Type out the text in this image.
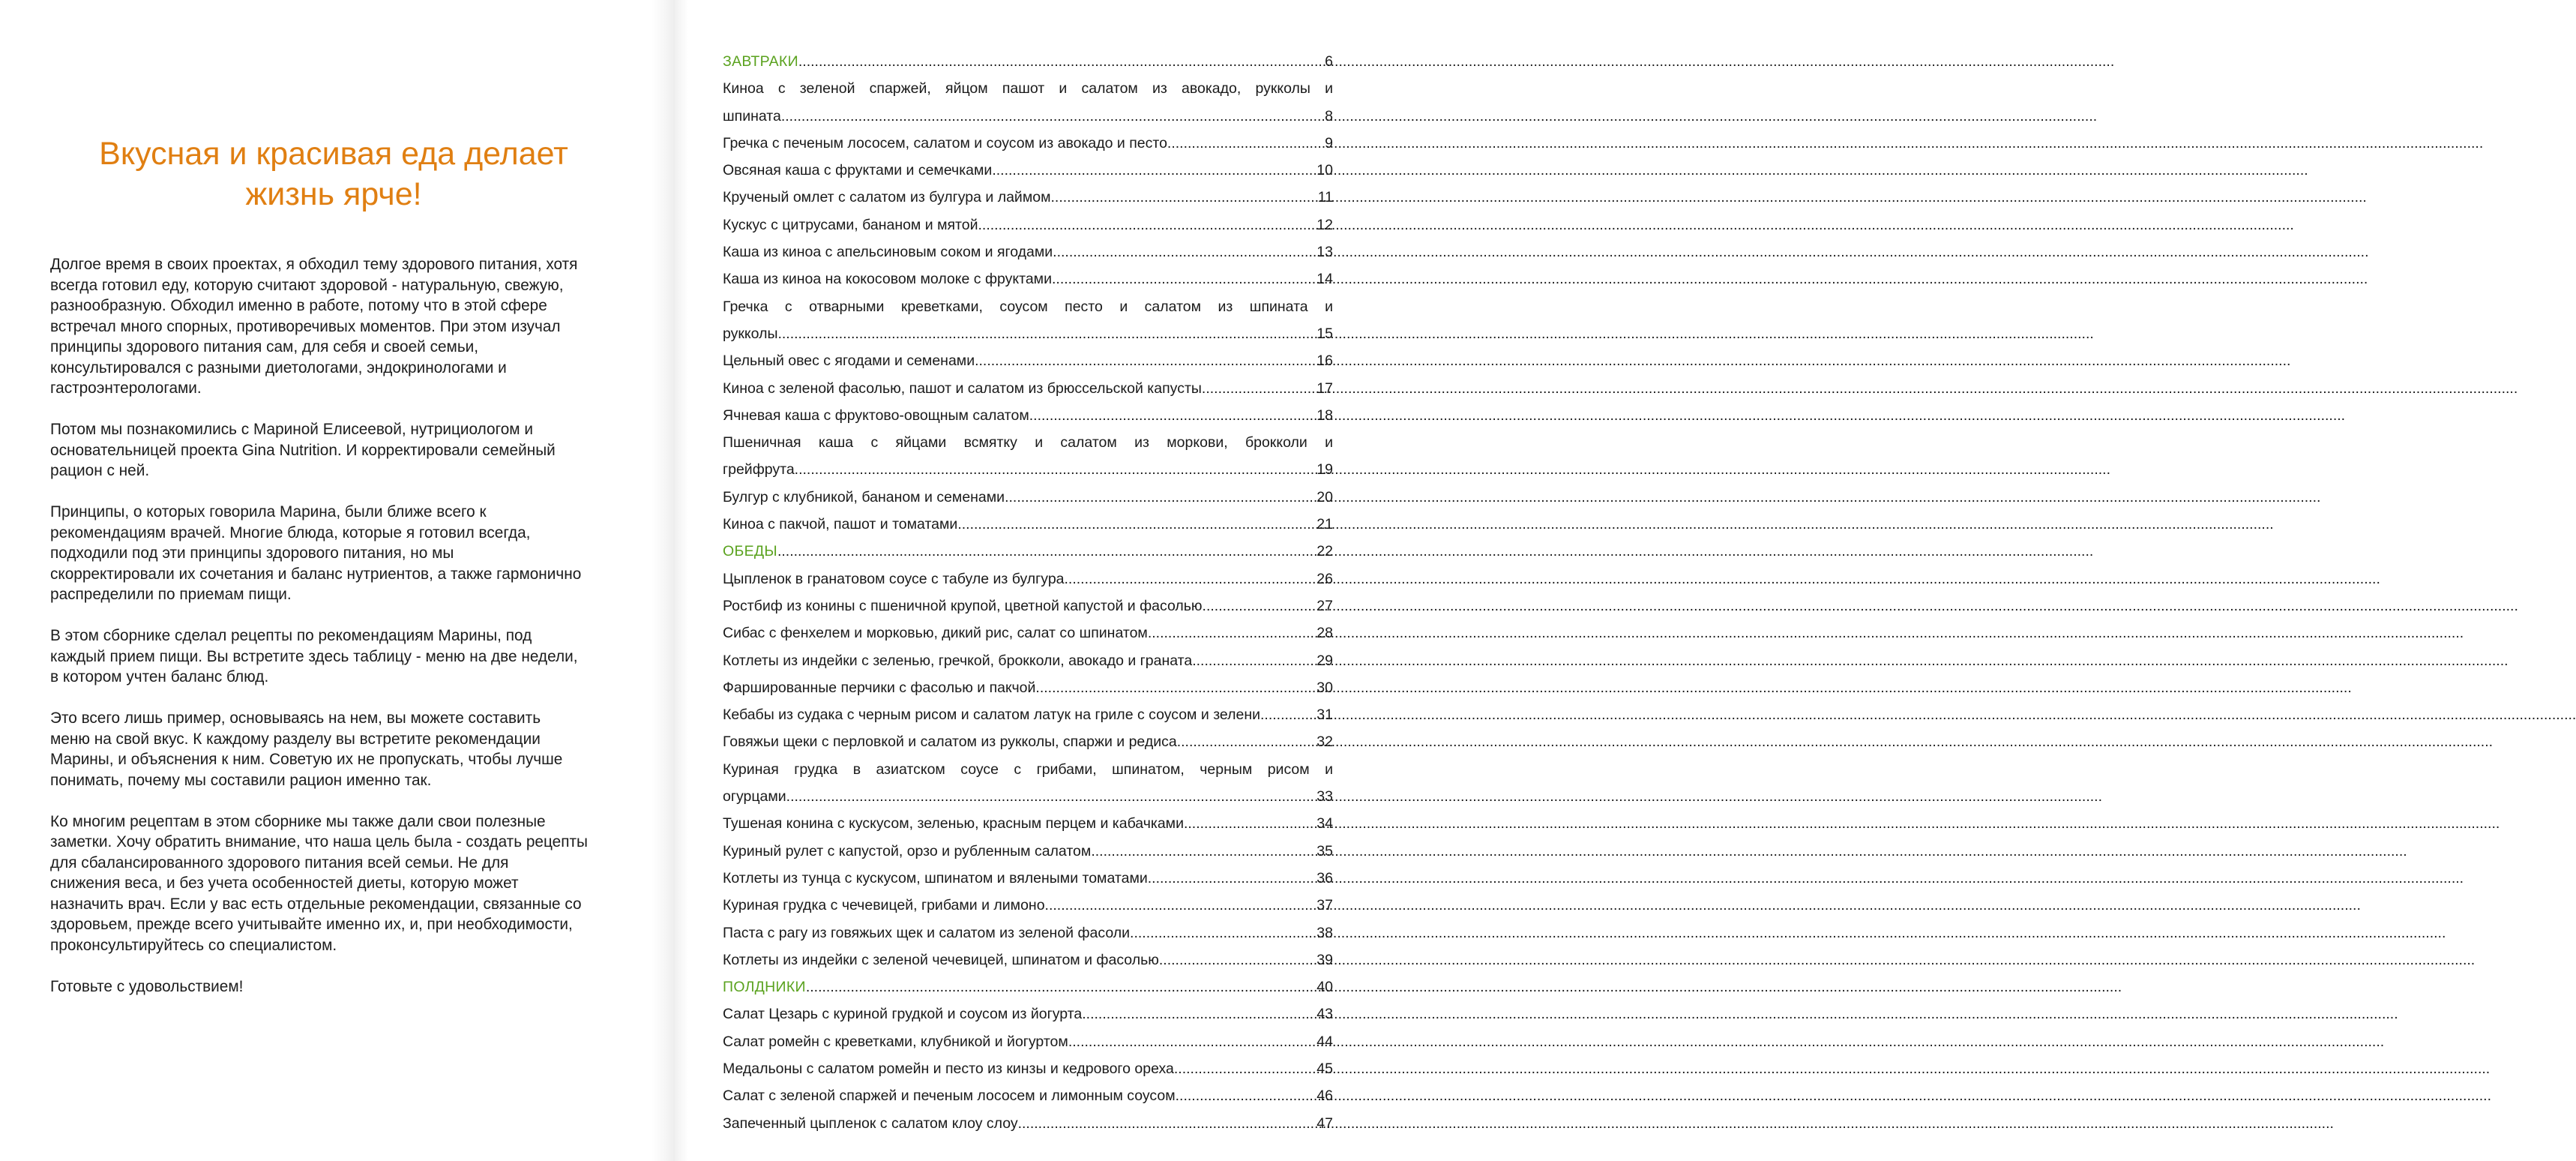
Вкусная и красивая еда делает
жизнь ярче!

Долгое время в своих проектах, я обходил тему здорового питания, хотя
всегда готовил еду, которую считают здоровой - натуральную, свежую,
разнообразную. Обходил именно в работе, потому что в этой сфере
встречал много спорных, противоречивых моментов. При этом изучал
принципы здорового питания сам, для себя и своей семьи,
консультировался с разными диетологами, эндокринологами и
гастроэнтерологами.

Потом мы познакомились с Мариной Елисеевой, нутрициологом и
основательницей проекта Gina Nutrition. И корректировали семейный
рацион с ней.

Принципы, о которых говорила Марина, были ближе всего к
рекомендациям врачей. Многие блюда, которые я готовил всегда,
подходили под эти принципы здорового питания, но мы
скорректировали их сочетания и баланс нутриентов, а также гармонично
распределили по приемам пищи.

В этом сборнике сделал рецепты по рекомендациям Марины, под
каждый прием пищи. Вы встретите здесь таблицу - меню на две недели,
в котором учтен баланс блюд.

Это всего лишь пример, основываясь на нем, вы можете составить
меню на свой вкус. К каждому разделу вы встретите рекомендации
Марины, и объяснения к ним. Советую их не пропускать, чтобы лучше
понимать, почему мы составили рацион именно так.

Ко многим рецептам в этом сборнике мы также дали свои полезные
заметки. Хочу обратить внимание, что наша цель была - создать рецепты
для сбалансированного здорового питания всей семьи. Не для
снижения веса, и без учета особенностей диеты, которую может
назначить врач. Если у вас есть отдельные рекомендации, связанные со
здоровьем, прежде всего учитывайте именно их, и, при необходимости,
проконсультируйтесь со специалистом.

Готовьте с удовольствием!

ЗАВТРАКИ .....	6
Киноа с зеленой спаржей, яйцом пашот и салатом из авокадо, рукколы и
шпината .....	8
Гречка с печеным лососем, салатом и соусом из авокадо и песто .....	9
Овсяная каша с фруктами и семечками .....	10
Крученый омлет с салатом из булгура и лаймом .....	11
Кускус с цитрусами, бананом и мятой .....	12
Каша из киноа с апельсиновым соком и ягодами .....	13
Каша из киноа на кокосовом молоке с фруктами .....	14
Гречка с отварными креветками, соусом песто и салатом из шпината и
рукколы .....	15
Цельный овес с ягодами и семенами .....	16
Киноа с зеленой фасолью, пашот и салатом из брюссельской капусты .....	17
Ячневая каша с фруктово-овощным салатом .....	18
Пшеничная каша с яйцами всмятку и салатом из моркови, брокколи и
грейфрута .....	19
Булгур с клубникой, бананом и семенами .....	20
Киноа с пакчой, пашот и томатами .....	21
ОБЕДЫ .....	22
Цыпленок в гранатовом соусе с табуле из булгура .....	26
Ростбиф из конины с пшеничной крупой, цветной капустой и фасолью .....	27
Сибас с фенхелем и морковью, дикий рис, салат со шпинатом .....	28
Котлеты из индейки с зеленью, гречкой, брокколи, авокадо и граната .....	29
Фаршированные перчики с фасолью и пакчой .....	30
Кебабы из судака с черным рисом и салатом латук на гриле с соусом и зелени .....	31
Говяжьи щеки с перловкой и салатом из рукколы, спаржи и редиса .....	32
Куриная грудка в азиатском соусе с грибами, шпинатом, черным рисом и
огурцами .....	33
Тушеная конина с кускусом, зеленью, красным перцем и кабачками .....	34
Куриный рулет с капустой, орзо и рубленным салатом .....	35
Котлеты из тунца с кускусом, шпинатом и вялеными томатами .....	36
Куриная грудка с чечевицей, грибами и лимоно .....	37
Паста с рагу из говяжьих щек и салатом из зеленой фасоли .....	38
Котлеты из индейки с зеленой чечевицей, шпинатом и фасолью .....	39
ПОЛДНИКИ .....	40
Салат Цезарь с куриной грудкой и соусом из йогурта .....	43
Салат ромейн с креветками, клубникой и йогуртом .....	44
Медальоны с салатом ромейн и песто из кинзы и кедрового ореха .....	45
Салат с зеленой спаржей и печеным лососем и лимонным соусом .....	46
Запеченный цыпленок с салатом клоу слоу .....	47
